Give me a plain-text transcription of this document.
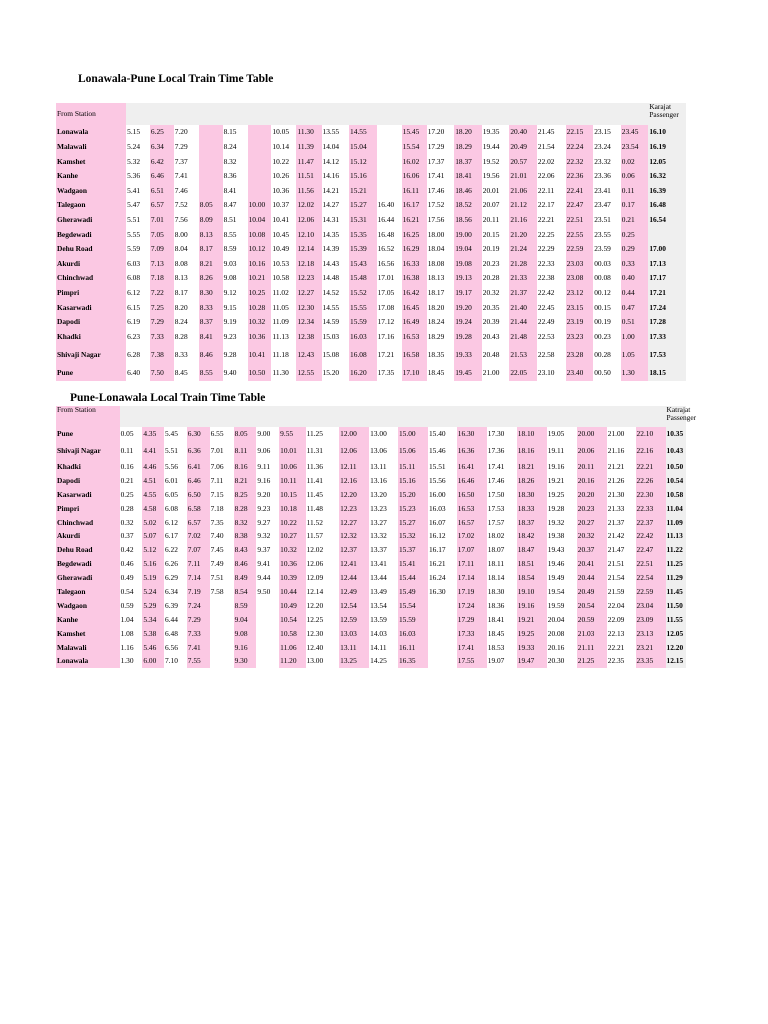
Lonawala-Pune Local Train Time Table
From Station																					Karajat Passenger
Lonawala	5.15	6.25	7.20		8.15		10.05	11.30	13.55	14.55		15.45	17.20	18.20	19.35	20.40	21.45	22.15	23.15	23.45	16.10
Malawali	5.24	6.34	7.29		8.24		10.14	11.39	14.04	15.04		15.54	17.29	18.29	19.44	20.49	21.54	22.24	23.24	23.54	16.19
Kamshet	5.32	6.42	7.37		8.32		10.22	11.47	14.12	15.12		16.02	17.37	18.37	19.52	20.57	22.02	22.32	23.32	0.02	12.05
Kanhe	5.36	6.46	7.41		8.36		10.26	11.51	14.16	15.16		16.06	17.41	18.41	19.56	21.01	22.06	22.36	23.36	0.06	16.32
Wadgaon	5.41	6.51	7.46		8.41		10.36	11.56	14.21	15.21		16.11	17.46	18.46	20.01	21.06	22.11	22.41	23.41	0.11	16.39
Talegaon	5.47	6.57	7.52	8.05	8.47	10.00	10.37	12.02	14.27	15.27	16.40	16.17	17.52	18.52	20.07	21.12	22.17	22.47	23.47	0.17	16.48
Gherawadi	5.51	7.01	7.56	8.09	8.51	10.04	10.41	12.06	14.31	15.31	16.44	16.21	17.56	18.56	20.11	21.16	22.21	22.51	23.51	0.21	16.54
Begdewadi	5.55	7.05	8.00	8.13	8.55	10.08	10.45	12.10	14.35	15.35	16.48	16.25	18.00	19.00	20.15	21.20	22.25	22.55	23.55	0.25	
Dehu Road	5.59	7.09	8.04	8.17	8.59	10.12	10.49	12.14	14.39	15.39	16.52	16.29	18.04	19.04	20.19	21.24	22.29	22.59	23.59	0.29	17.00
Akurdi	6.03	7.13	8.08	8.21	9.03	10.16	10.53	12.18	14.43	15.43	16.56	16.33	18.08	19.08	20.23	21.28	22.33	23.03	00.03	0.33	17.13
Chinchwad	6.08	7.18	8.13	8.26	9.08	10.21	10.58	12.23	14.48	15.48	17.01	16.38	18.13	19.13	20.28	21.33	22.38	23.08	00.08	0.40	17.17
Pimpri	6.12	7.22	8.17	8.30	9.12	10.25	11.02	12.27	14.52	15.52	17.05	16.42	18.17	19.17	20.32	21.37	22.42	23.12	00.12	0.44	17.21
Kasarwadi	6.15	7.25	8.20	8.33	9.15	10.28	11.05	12.30	14.55	15.55	17.08	16.45	18.20	19.20	20.35	21.40	22.45	23.15	00.15	0.47	17.24
Dapodi	6.19	7.29	8.24	8.37	9.19	10.32	11.09	12.34	14.59	15.59	17.12	16.49	18.24	19.24	20.39	21.44	22.49	23.19	00.19	0.51	17.28
Khadki	6.23	7.33	8.28	8.41	9.23	10.36	11.13	12.38	15.03	16.03	17.16	16.53	18.29	19.28	20.43	21.48	22.53	23.23	00.23	1.00	17.33
Shivaji Nagar	6.28	7.38	8.33	8.46	9.28	10.41	11.18	12.43	15.08	16.08	17.21	16.58	18.35	19.33	20.48	21.53	22.58	23.28	00.28	1.05	17.53
Pune	6.40	7.50	8.45	8.55	9.40	10.50	11.30	12.55	15.20	16.20	17.35	17.10	18.45	19.45	21.00	22.05	23.10	23.40	00.50	1.30	18.15
Pune-Lonawala Local Train Time Table
From Station																					Katrajat Passenger
Pune	0.05	4.35	5.45	6.30	6.55	8.05	9.00	9.55	11.25	12.00	13.00	15.00	15.40	16.30	17.30	18.10	19.05	20.00	21.00	22.10	10.35
Shivaji Nagar	0.11	4.41	5.51	6.36	7.01	8.11	9.06	10.01	11.31	12.06	13.06	15.06	15.46	16.36	17.36	18.16	19.11	20.06	21.16	22.16	10.43
Khadki	0.16	4.46	5.56	6.41	7.06	8.16	9.11	10.06	11.36	12.11	13.11	15.11	15.51	16.41	17.41	18.21	19.16	20.11	21.21	22.21	10.50
Dapodi	0.21	4.51	6.01	6.46	7.11	8.21	9.16	10.11	11.41	12.16	13.16	15.16	15.56	16.46	17.46	18.26	19.21	20.16	21.26	22.26	10.54
Kasarwadi	0.25	4.55	6.05	6.50	7.15	8.25	9.20	10.15	11.45	12.20	13.20	15.20	16.00	16.50	17.50	18.30	19.25	20.20	21.30	22.30	10.58
Pimpri	0.28	4.58	6.08	6.58	7.18	8.28	9.23	10.18	11.48	12.23	13.23	15.23	16.03	16.53	17.53	18.33	19.28	20.23	21.33	22.33	11.04
Chinchwad	0.32	5.02	6.12	6.57	7.35	8.32	9.27	10.22	11.52	12.27	13.27	15.27	16.07	16.57	17.57	18.37	19.32	20.27	21.37	22.37	11.09
Akurdi	0.37	5.07	6.17	7.02	7.40	8.38	9.32	10.27	11.57	12.32	13.32	15.32	16.12	17.02	18.02	18.42	19.38	20.32	21.42	22.42	11.13
Dehu Road	0.42	5.12	6.22	7.07	7.45	8.43	9.37	10.32	12.02	12.37	13.37	15.37	16.17	17.07	18.07	18.47	19.43	20.37	21.47	22.47	11.22
Begdewadi	0.46	5.16	6.26	7.11	7.49	8.46	9.41	10.36	12.06	12.41	13.41	15.41	16.21	17.11	18.11	18.51	19.46	20.41	21.51	22.51	11.25
Gherawadi	0.49	5.19	6.29	7.14	7.51	8.49	9.44	10.39	12.09	12.44	13.44	15.44	16.24	17.14	18.14	18.54	19.49	20.44	21.54	22.54	11.29
Talegaon	0.54	5.24	6.34	7.19	7.58	8.54	9.50	10.44	12.14	12.49	13.49	15.49	16.30	17.19	18.30	19.10	19.54	20.49	21.59	22.59	11.45
Wadgaon	0.59	5.29	6.39	7.24		8.59		10.49	12.20	12.54	13.54	15.54		17.24	18.36	19.16	19.59	20.54	22.04	23.04	11.50
Kanhe	1.04	5.34	6.44	7.29		9.04		10.54	12.25	12.59	13.59	15.59		17.29	18.41	19.21	20.04	20.59	22.09	23.09	11.55
Kamshet	1.08	5.38	6.48	7.33		9.08		10.58	12.30	13.03	14.03	16.03		17.33	18.45	19.25	20.08	21.03	22.13	23.13	12.05
Malawali	1.16	5.46	6.56	7.41		9.16		11.06	12.40	13.11	14.11	16.11		17.41	18.53	19.33	20.16	21.11	22.21	23.21	12.20
Lonawala	1.30	6.00	7.10	7.55		9.30		11.20	13.00	13.25	14.25	16.35		17.55	19.07	19.47	20.30	21.25	22.35	23.35	12.15
